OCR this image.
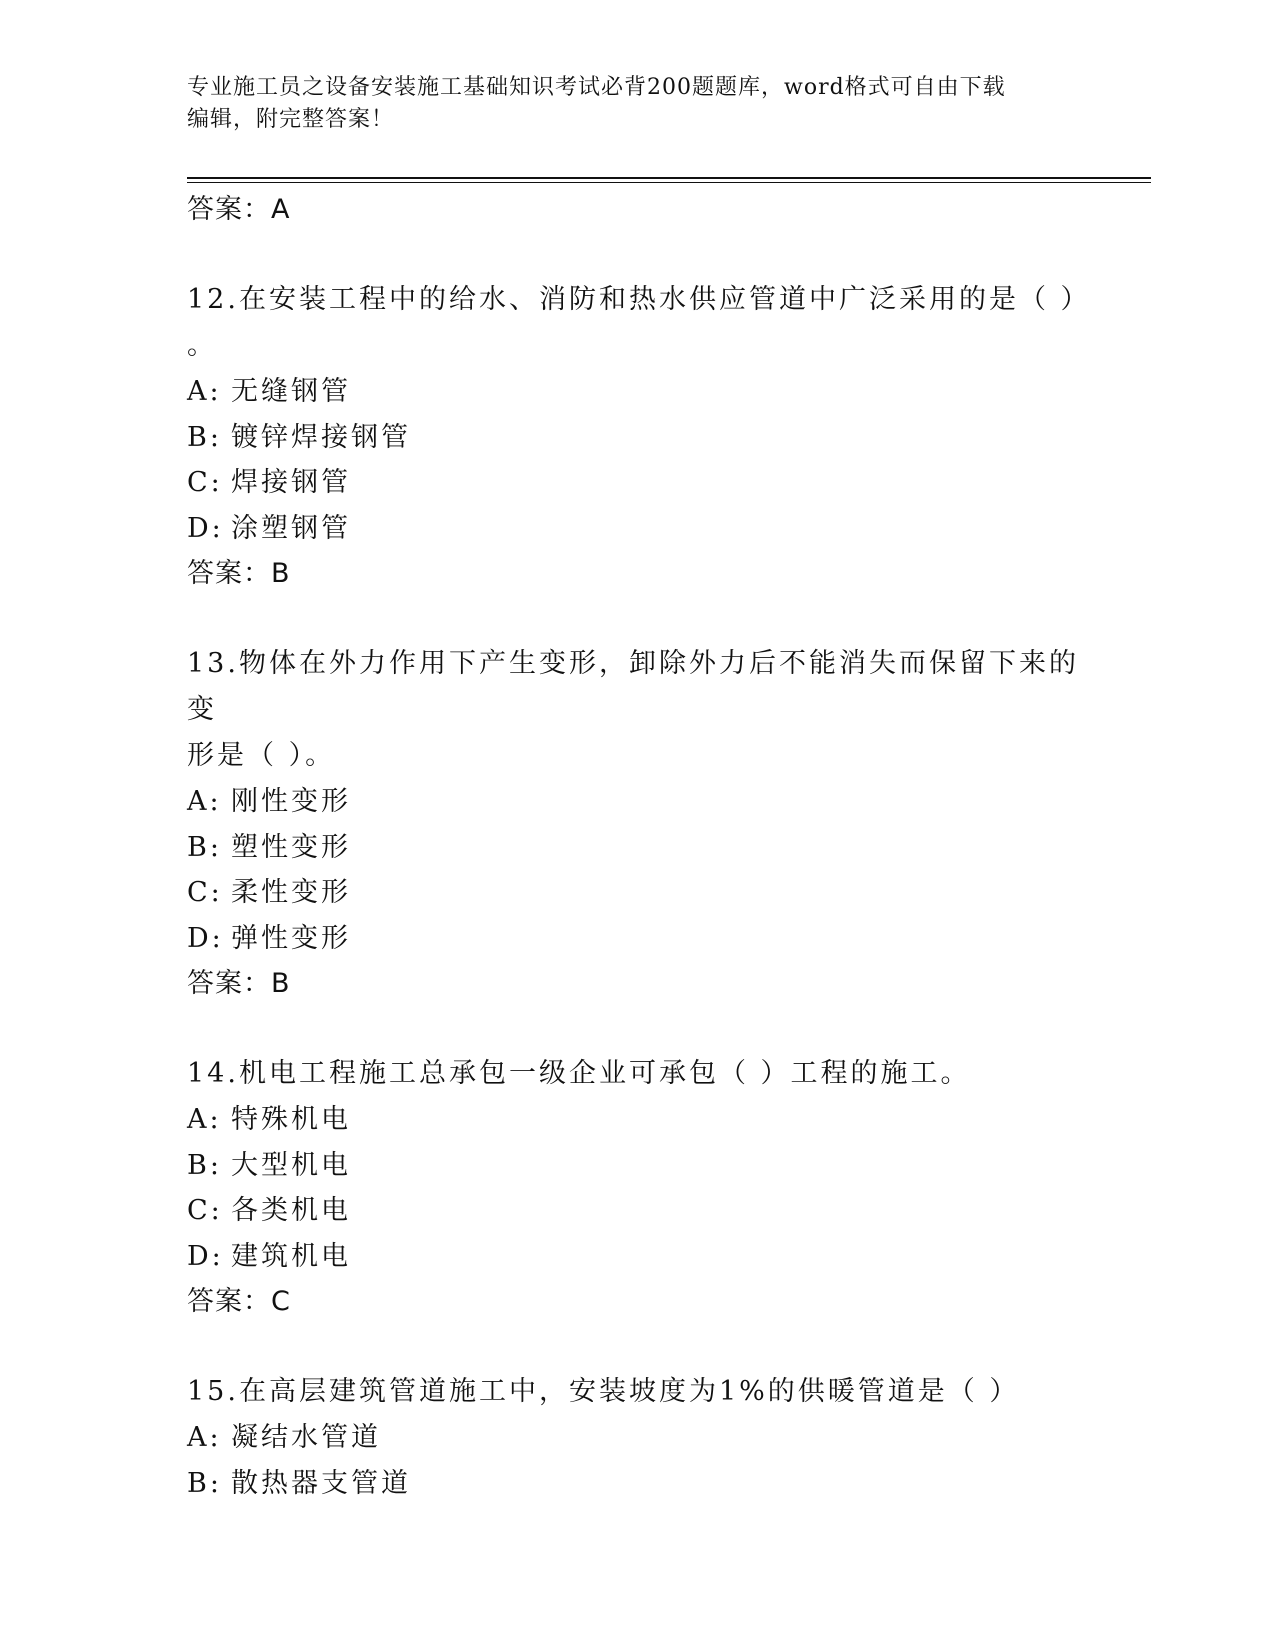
专业施工员之设备安装施工基础知识考试必背200题题库，word格式可自由下载
编辑，附完整答案！

答案：A

12.在安装工程中的给水、消防和热水供应管道中广泛采用的是（ ）

。

A: 无缝钢管

B: 镀锌焊接钢管

C: 焊接钢管

D: 涂塑钢管

答案：B

13.物体在外力作用下产生变形，卸除外力后不能消失而保留下来的变

形是（ ）。

A: 刚性变形

B: 塑性变形

C: 柔性变形

D: 弹性变形

答案：B

14.机电工程施工总承包一级企业可承包（ ）工程的施工。

A: 特殊机电

B: 大型机电

C: 各类机电

D: 建筑机电

答案：C

15.在高层建筑管道施工中，安装坡度为1%的供暖管道是（ ）

A: 凝结水管道

B: 散热器支管道
